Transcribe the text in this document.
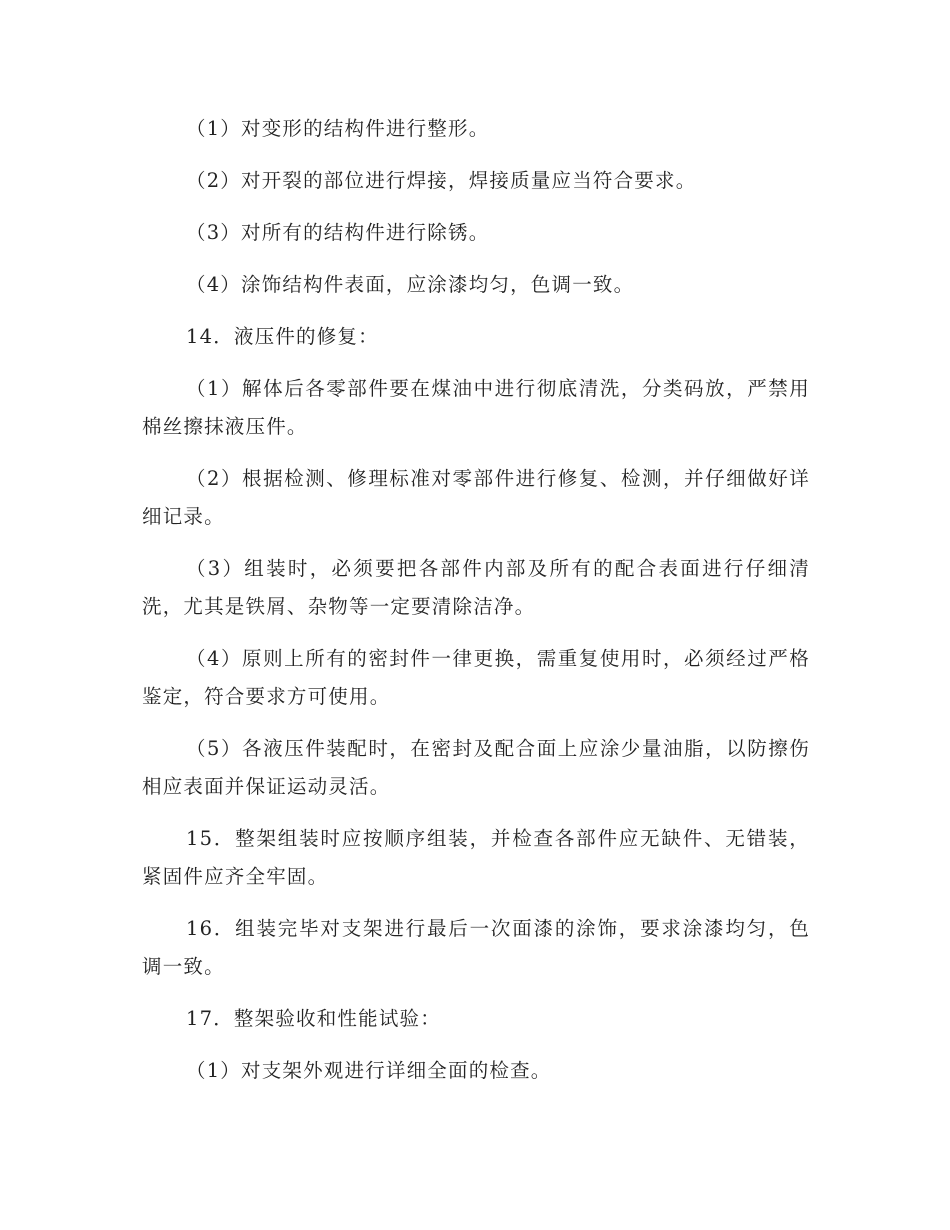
（1）对变形的结构件进行整形。

（2）对开裂的部位进行焊接，焊接质量应当符合要求。

（3）对所有的结构件进行除锈。

（4）涂饰结构件表面，应涂漆均匀，色调一致。

14．液压件的修复：

（1）解体后各零部件要在煤油中进行彻底清洗，分类码放，严禁用棉丝擦抹液压件。

（2）根据检测、修理标准对零部件进行修复、检测，并仔细做好详细记录。

（3）组装时，必须要把各部件内部及所有的配合表面进行仔细清洗，尤其是铁屑、杂物等一定要清除洁净。

（4）原则上所有的密封件一律更换，需重复使用时，必须经过严格鉴定，符合要求方可使用。

（5）各液压件装配时，在密封及配合面上应涂少量油脂，以防擦伤相应表面并保证运动灵活。

15．整架组装时应按顺序组装，并检查各部件应无缺件、无错装，紧固件应齐全牢固。

16．组装完毕对支架进行最后一次面漆的涂饰，要求涂漆均匀，色调一致。

17．整架验收和性能试验：

（1）对支架外观进行详细全面的检查。
